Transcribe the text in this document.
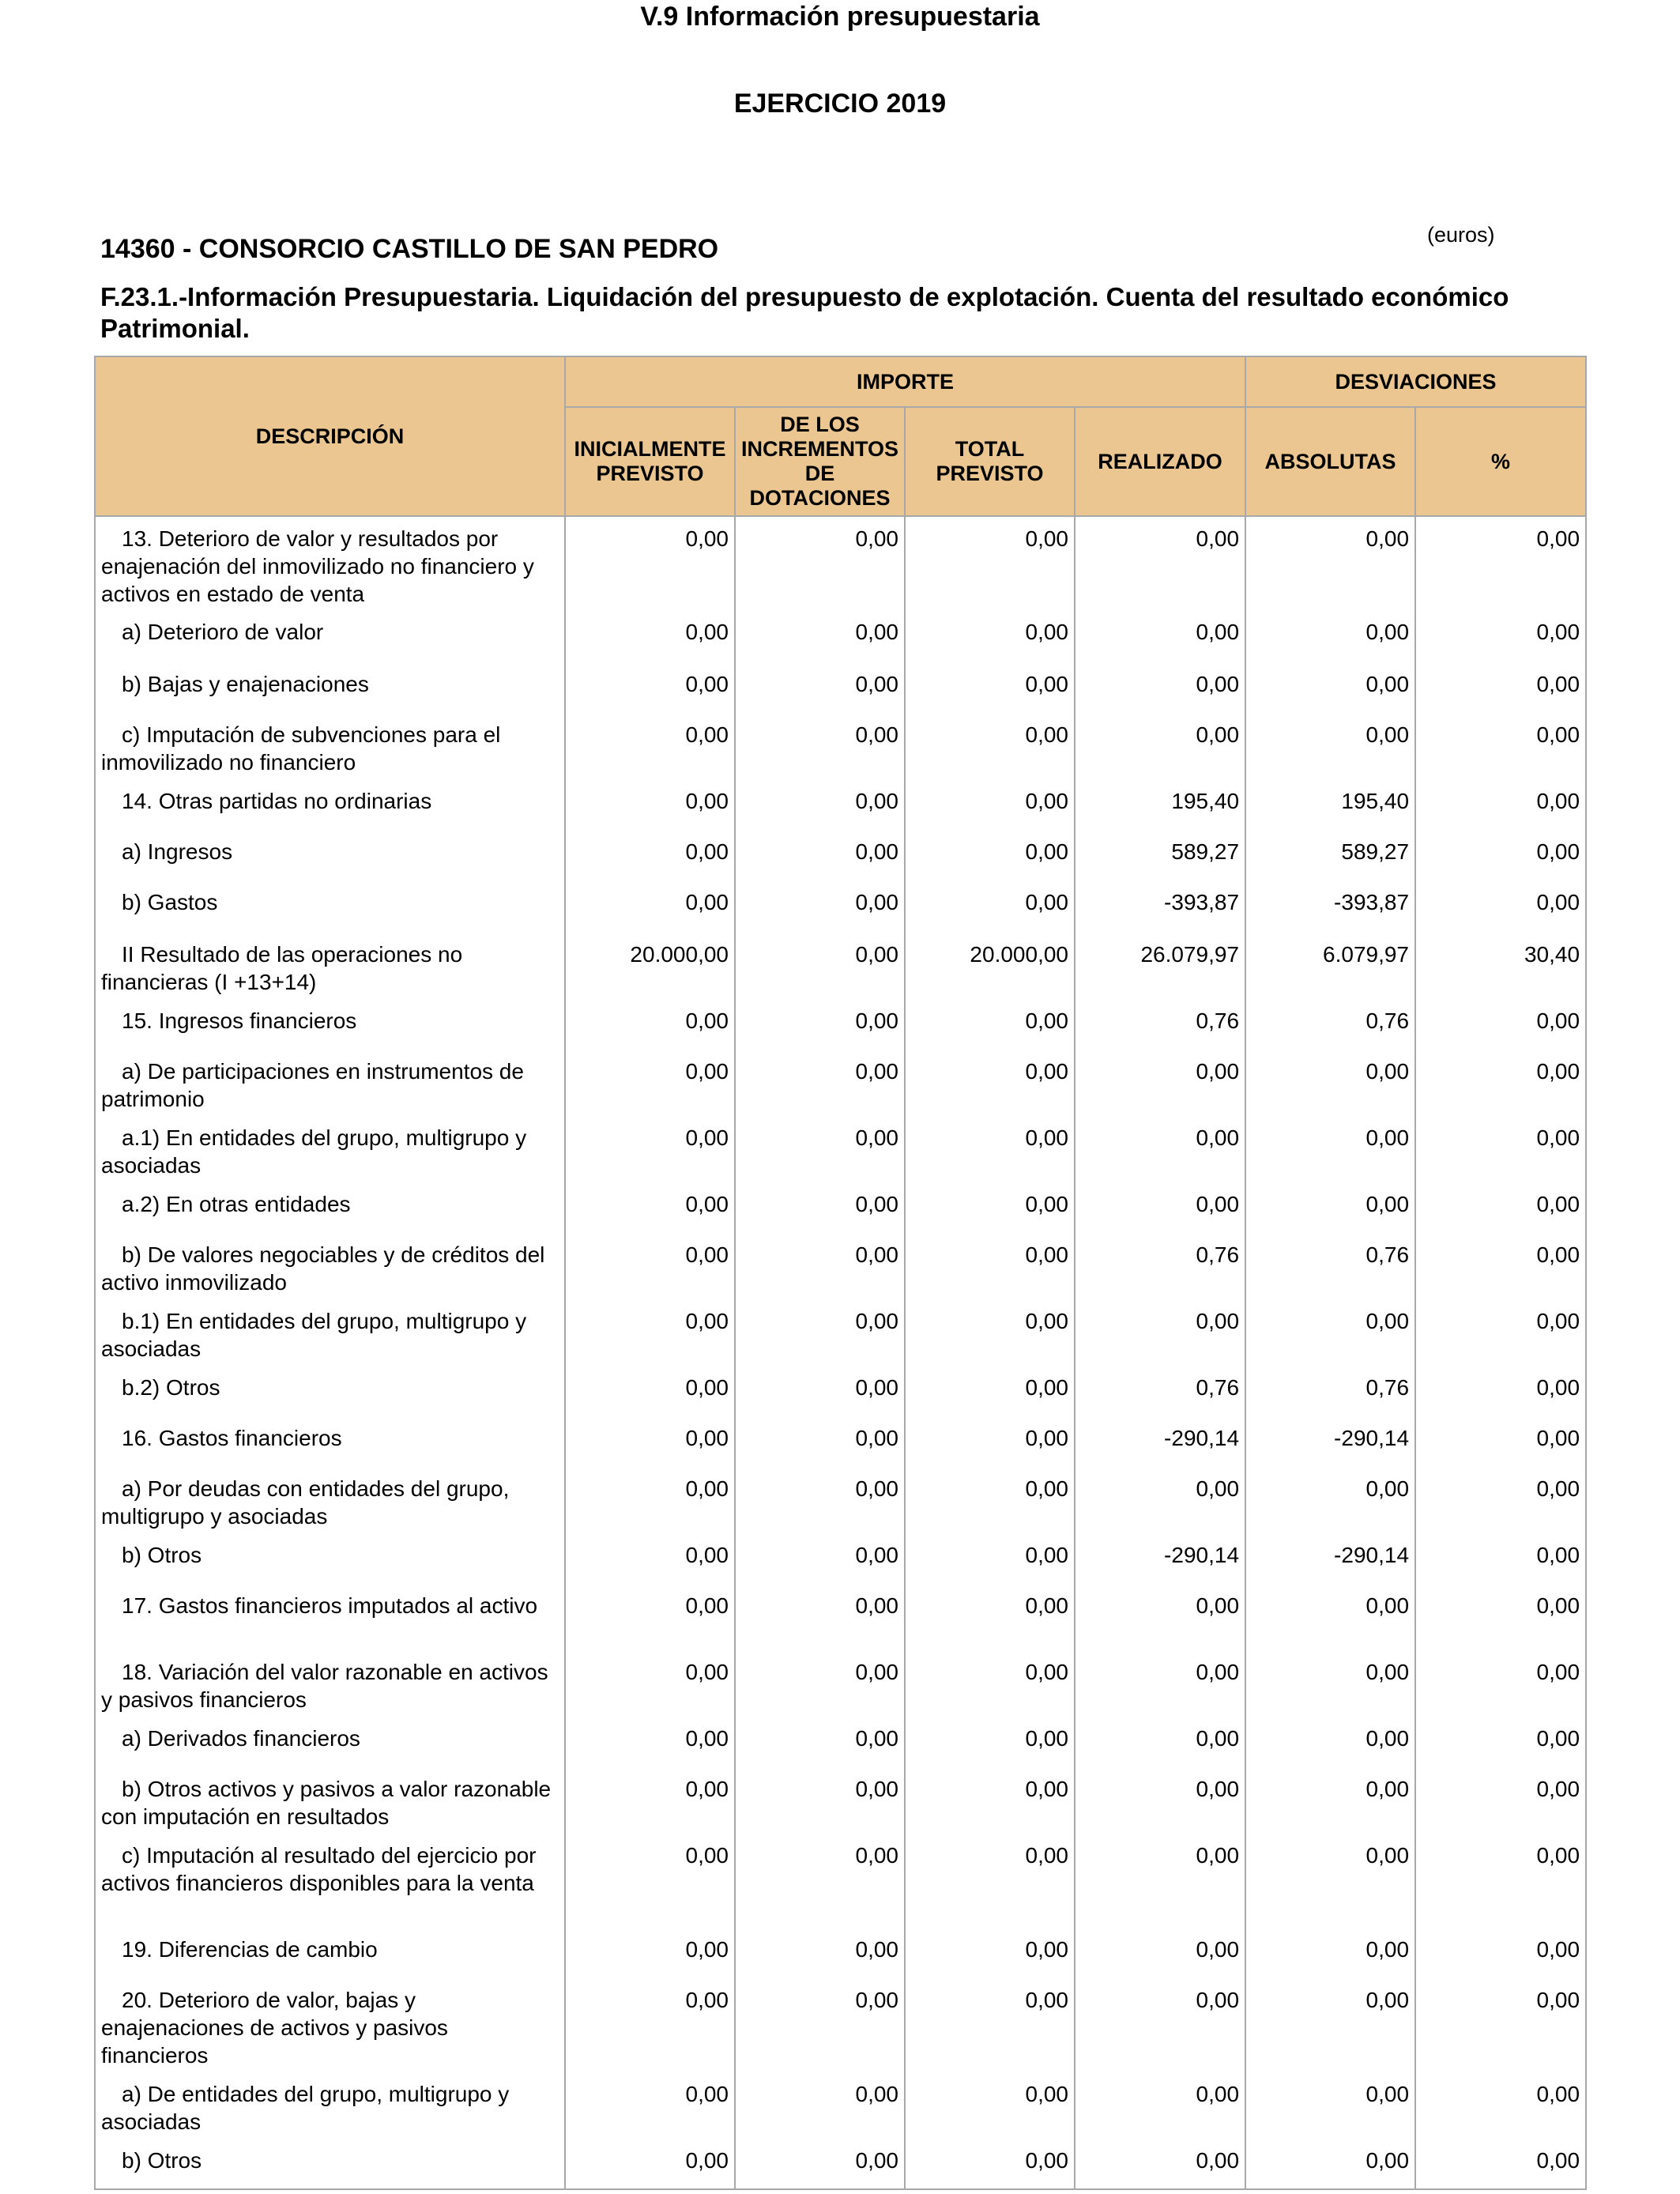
V.9 Información presupuestaria
EJERCICIO 2019
(euros)
14360 - CONSORCIO CASTILLO DE SAN PEDRO
F.23.1.-Información Presupuestaria. Liquidación del presupuesto de explotación. Cuenta del resultado económico Patrimonial.
DESCRIPCIÓN	IMPORTE				DESVIACIONES	
	INICIALMENTE PREVISTO	DE LOS INCREMENTOS DE DOTACIONES	TOTAL PREVISTO	REALIZADO	ABSOLUTAS	%
13. Deterioro de valor y resultados por enajenación del inmovilizado no financiero y activos en estado de venta	0,00	0,00	0,00	0,00	0,00	0,00
a) Deterioro de valor	0,00	0,00	0,00	0,00	0,00	0,00
b) Bajas y enajenaciones	0,00	0,00	0,00	0,00	0,00	0,00
c) Imputación de subvenciones para el inmovilizado no financiero	0,00	0,00	0,00	0,00	0,00	0,00
14. Otras partidas no ordinarias	0,00	0,00	0,00	195,40	195,40	0,00
a) Ingresos	0,00	0,00	0,00	589,27	589,27	0,00
b) Gastos	0,00	0,00	0,00	-393,87	-393,87	0,00
II Resultado de las operaciones no financieras (I +13+14)	20.000,00	0,00	20.000,00	26.079,97	6.079,97	30,40
15. Ingresos financieros	0,00	0,00	0,00	0,76	0,76	0,00
a) De participaciones en instrumentos de patrimonio	0,00	0,00	0,00	0,00	0,00	0,00
a.1) En entidades del grupo, multigrupo y asociadas	0,00	0,00	0,00	0,00	0,00	0,00
a.2) En otras entidades	0,00	0,00	0,00	0,00	0,00	0,00
b) De valores negociables y de créditos del activo inmovilizado	0,00	0,00	0,00	0,76	0,76	0,00
b.1) En entidades del grupo, multigrupo y asociadas	0,00	0,00	0,00	0,00	0,00	0,00
b.2) Otros	0,00	0,00	0,00	0,76	0,76	0,00
16. Gastos financieros	0,00	0,00	0,00	-290,14	-290,14	0,00
a) Por deudas con entidades del grupo, multigrupo y asociadas	0,00	0,00	0,00	0,00	0,00	0,00
b) Otros	0,00	0,00	0,00	-290,14	-290,14	0,00
17. Gastos financieros imputados al activo	0,00	0,00	0,00	0,00	0,00	0,00
18. Variación del valor razonable en activos y pasivos financieros	0,00	0,00	0,00	0,00	0,00	0,00
a) Derivados financieros	0,00	0,00	0,00	0,00	0,00	0,00
b) Otros activos y pasivos a valor razonable con imputación en resultados	0,00	0,00	0,00	0,00	0,00	0,00
c) Imputación al resultado del ejercicio por activos financieros disponibles para la venta	0,00	0,00	0,00	0,00	0,00	0,00
19. Diferencias de cambio	0,00	0,00	0,00	0,00	0,00	0,00
20. Deterioro de valor, bajas y enajenaciones de activos y pasivos financieros	0,00	0,00	0,00	0,00	0,00	0,00
a) De entidades del grupo, multigrupo y asociadas	0,00	0,00	0,00	0,00	0,00	0,00
b) Otros	0,00	0,00	0,00	0,00	0,00	0,00
